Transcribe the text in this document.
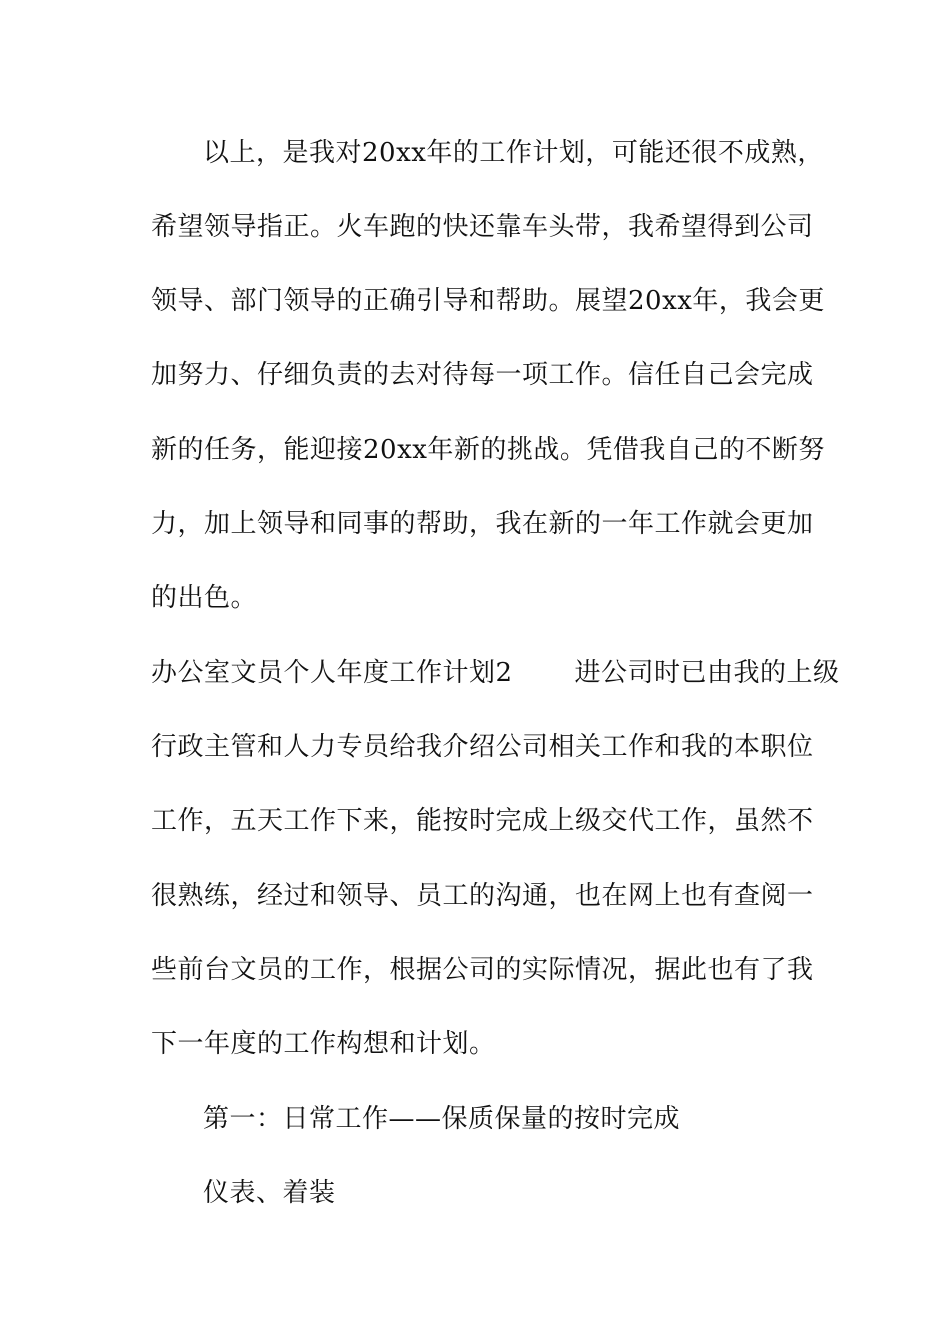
以上，是我对20xx年的工作计划，可能还很不成熟，
希望领导指正。火车跑的快还靠车头带，我希望得到公司
领导、部门领导的正确引导和帮助。展望20xx年，我会更
加努力、仔细负责的去对待每一项工作。信任自己会完成
新的任务，能迎接20xx年新的挑战。凭借我自己的不断努
力，加上领导和同事的帮助，我在新的一年工作就会更加
的出色。
办公室文员个人年度工作计划2 进公司时已由我的上级
行政主管和人力专员给我介绍公司相关工作和我的本职位
工作，五天工作下来，能按时完成上级交代工作，虽然不
很熟练，经过和领导、员工的沟通，也在网上也有查阅一
些前台文员的工作，根据公司的实际情况，据此也有了我
下一年度的工作构想和计划。
第一：日常工作——保质保量的按时完成
仪表、着装
